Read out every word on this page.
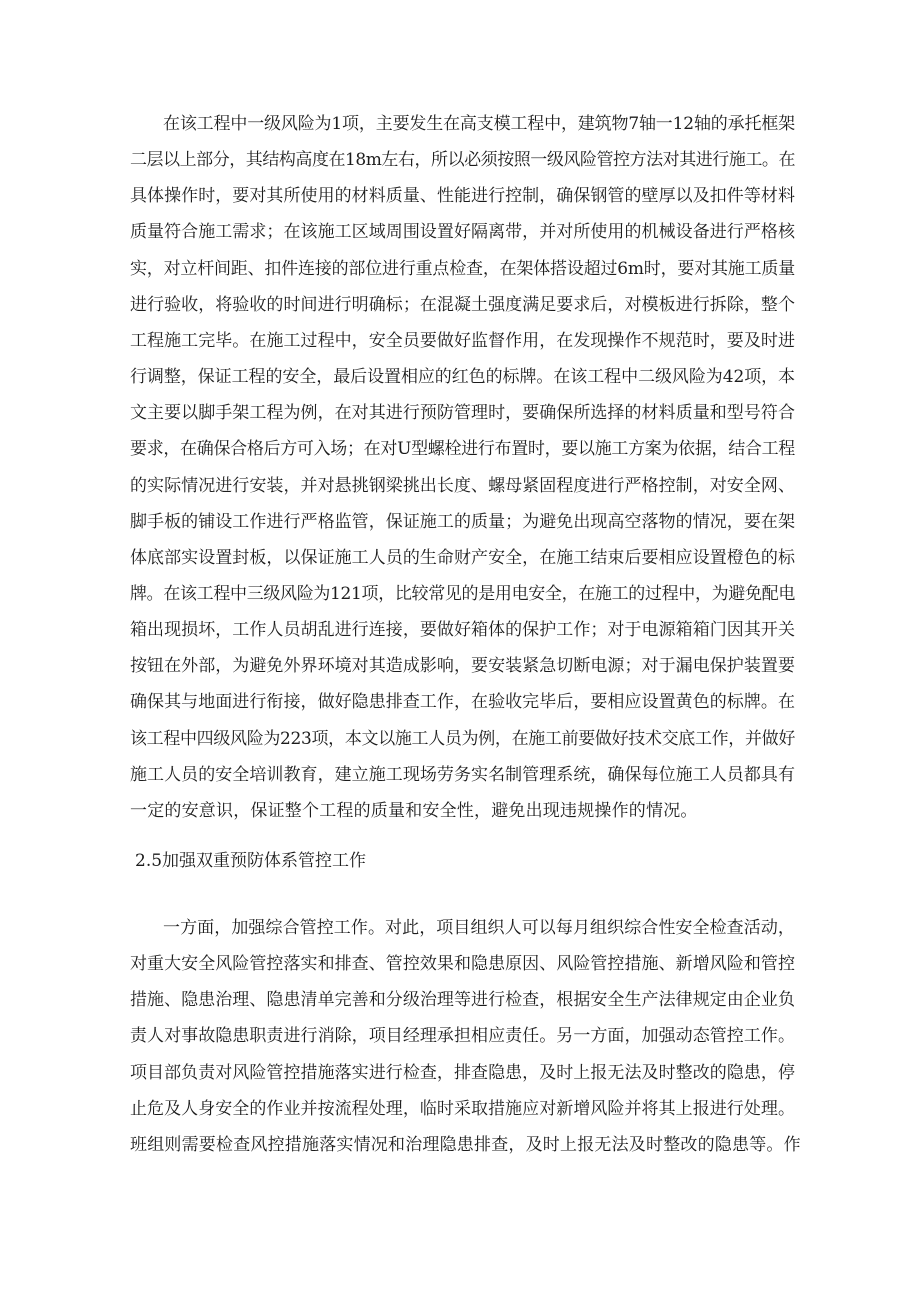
在该工程中一级风险为1项，主要发生在高支模工程中，建筑物7轴一12轴的承托框架
二层以上部分，其结构高度在18m左右，所以必须按照一级风险管控方法对其进行施工。在
具体操作时，要对其所使用的材料质量、性能进行控制，确保钢管的壁厚以及扣件等材料
质量符合施工需求；在该施工区域周围设置好隔离带，并对所使用的机械设备进行严格核
实，对立杆间距、扣件连接的部位进行重点检查，在架体搭设超过6m时，要对其施工质量
进行验收，将验收的时间进行明确标；在混凝土强度满足要求后，对模板进行拆除，整个
工程施工完毕。在施工过程中，安全员要做好监督作用，在发现操作不规范时，要及时进
行调整，保证工程的安全，最后设置相应的红色的标牌。在该工程中二级风险为42项，本
文主要以脚手架工程为例，在对其进行预防管理时，要确保所选择的材料质量和型号符合
要求，在确保合格后方可入场；在对U型螺栓进行布置时，要以施工方案为依据，结合工程
的实际情况进行安装，并对悬挑钢梁挑出长度、螺母紧固程度进行严格控制，对安全网、
脚手板的铺设工作进行严格监管，保证施工的质量；为避免出现高空落物的情况，要在架
体底部实设置封板，以保证施工人员的生命财产安全，在施工结束后要相应设置橙色的标
牌。在该工程中三级风险为121项，比较常见的是用电安全，在施工的过程中，为避免配电
箱出现损坏，工作人员胡乱进行连接，要做好箱体的保护工作；对于电源箱箱门因其开关
按钮在外部，为避免外界环境对其造成影响，要安装紧急切断电源；对于漏电保护装置要
确保其与地面进行衔接，做好隐患排查工作，在验收完毕后，要相应设置黄色的标牌。在
该工程中四级风险为223项，本文以施工人员为例，在施工前要做好技术交底工作，并做好
施工人员的安全培训教育，建立施工现场劳务实名制管理系统，确保每位施工人员都具有
一定的安意识，保证整个工程的质量和安全性，避免出现违规操作的情况。
2.5加强双重预防体系管控工作
一方面，加强综合管控工作。对此，项目组织人可以每月组织综合性安全检查活动，
对重大安全风险管控落实和排查、管控效果和隐患原因、风险管控措施、新增风险和管控
措施、隐患治理、隐患清单完善和分级治理等进行检查，根据安全生产法律规定由企业负
责人对事故隐患职责进行消除，项目经理承担相应责任。另一方面，加强动态管控工作。
项目部负责对风险管控措施落实进行检查，排查隐患，及时上报无法及时整改的隐患，停
止危及人身安全的作业并按流程处理，临时采取措施应对新增风险并将其上报进行处理。
班组则需要检查风控措施落实情况和治理隐患排查，及时上报无法及时整改的隐患等。作
